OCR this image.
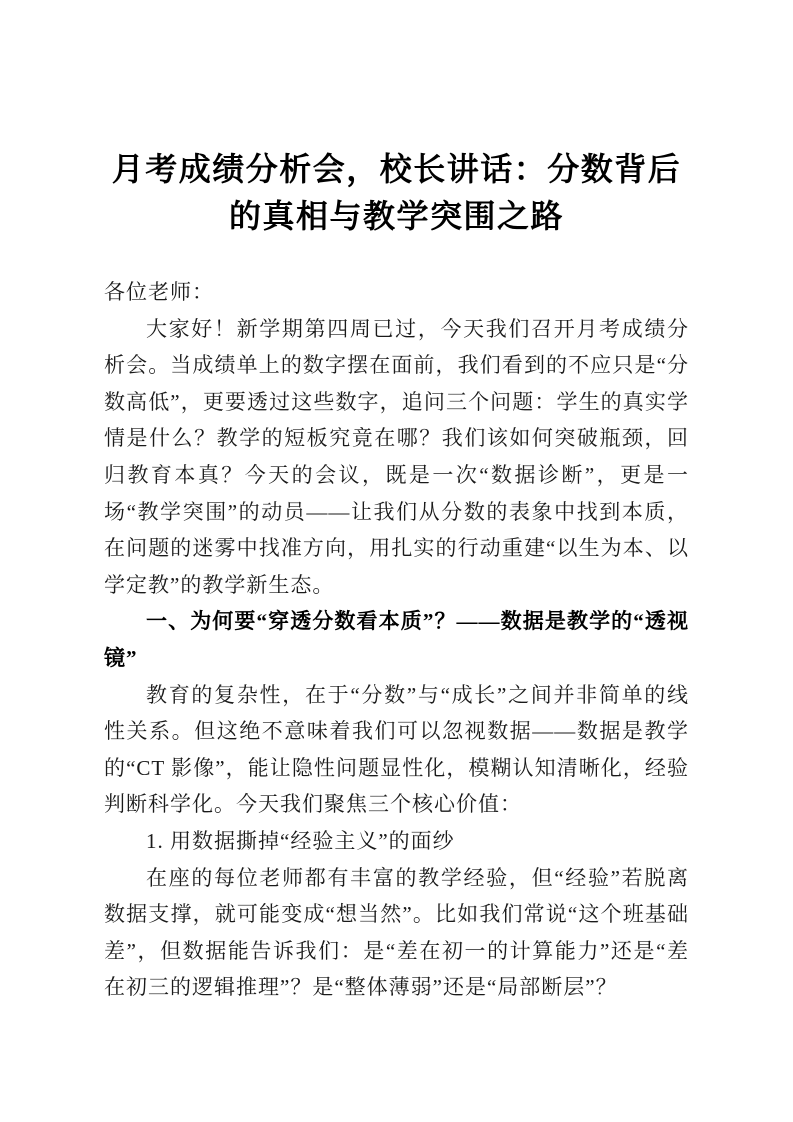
月考成绩分析会，校长讲话：分数背后的真相与教学突围之路

各位老师：

大家好！新学期第四周已过，今天我们召开月考成绩分析会。当成绩单上的数字摆在面前，我们看到的不应只是“分数高低”，更要透过这些数字，追问三个问题：学生的真实学情是什么？教学的短板究竟在哪？我们该如何突破瓶颈，回归教育本真？今天的会议，既是一次“数据诊断”，更是一场“教学突围”的动员——让我们从分数的表象中找到本质，在问题的迷雾中找准方向，用扎实的行动重建“以生为本、以学定教”的教学新生态。

一、为何要“穿透分数看本质”？——数据是教学的“透视镜”

教育的复杂性，在于“分数”与“成长”之间并非简单的线性关系。但这绝不意味着我们可以忽视数据——数据是教学的“CT 影像”，能让隐性问题显性化，模糊认知清晰化，经验判断科学化。今天我们聚焦三个核心价值：

1. 用数据撕掉“经验主义”的面纱

在座的每位老师都有丰富的教学经验，但“经验”若脱离数据支撑，就可能变成“想当然”。比如我们常说“这个班基础差”，但数据能告诉我们：是“差在初一的计算能力”还是“差在初三的逻辑推理”？是“整体薄弱”还是“局部断层”？
